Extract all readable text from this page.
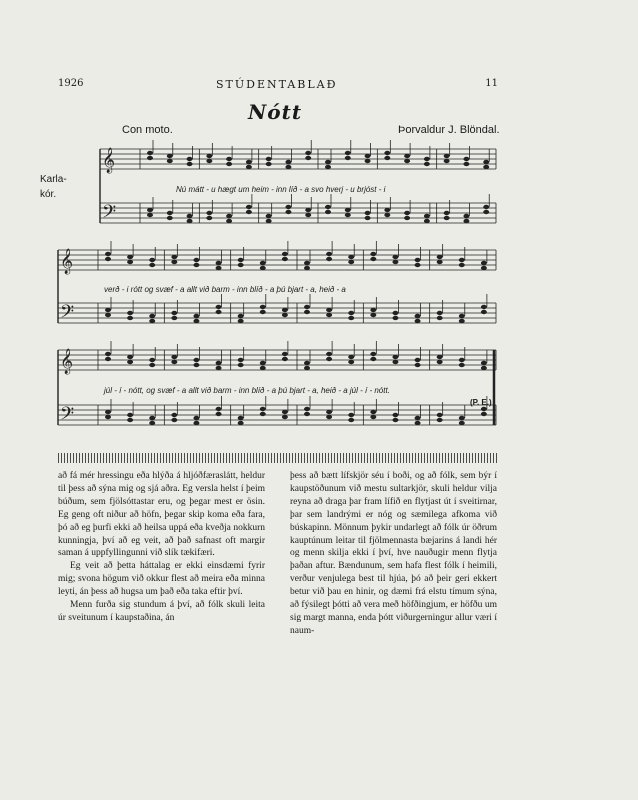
1926	STÚDENTABLAÐ	11
Nótt
Con moto.	Þorvaldur J. Blöndal.
Karla-
kór.
𝄞
𝄢
𝄞
𝄢
𝄞
𝄢
Nú mátt - u hægt um heim - inn líð - a svo hverj - u brjóst - i
verð - i rótt og svæf - a allt við barm - inn blíð - a þú bjart - a, heið - a
júl - í - nótt, og svæf - a allt við barm - inn blíð - a þú bjart - a, heið - a júl - í - nótt.
(P. E.)

að fá mér hressingu eða hlýða á hljóðfæraslátt, heldur til þess að sýna mig og sjá aðra. Eg versla helst í þeim búðum, sem fjölsóttastar eru, og þegar mest er ösin. Eg geng oft niður að höfn, þegar skip koma eða fara, þó að eg þurfi ekki að heilsa uppá eða kveðja nokkurn kunningja, því að eg veit, að það safnast oft margir saman á uppfyllingunni við slík tækifæri.

Eg veit að þetta háttalag er ekki einsdæmi fyrir mig; svona högum við okkur flest að meira eða minna leyti, án þess að hugsa um það eða taka eftir því.

Menn furða sig stundum á því, að fólk skuli leita úr sveitunum í kaupstaðina, án

þess að bætt lífskjör séu í boði, og að fólk, sem býr í kaupstöðunum við mestu sultarkjör, skuli heldur vilja reyna að draga þar fram lífið en flytjast út í sveitirnar, þar sem landrými er nóg og sæmilega afkoma við búskapinn. Mönnum þykir undarlegt að fólk úr öðrum kauptúnum leitar til fjölmennasta bæjarins á landi hér og menn skilja ekki í því, hve nauðugir menn flytja þaðan aftur. Bændunum, sem hafa flest fólk í heimili, verður venjulega best til hjúa, þó að þeir geri ekkert betur við þau en hinir, og dæmi frá elstu tímum sýna, að fýsilegt þótti að vera með höfðingjum, er höfðu um sig margt manna, enda þótt viðurgerningur allur væri í naum-
